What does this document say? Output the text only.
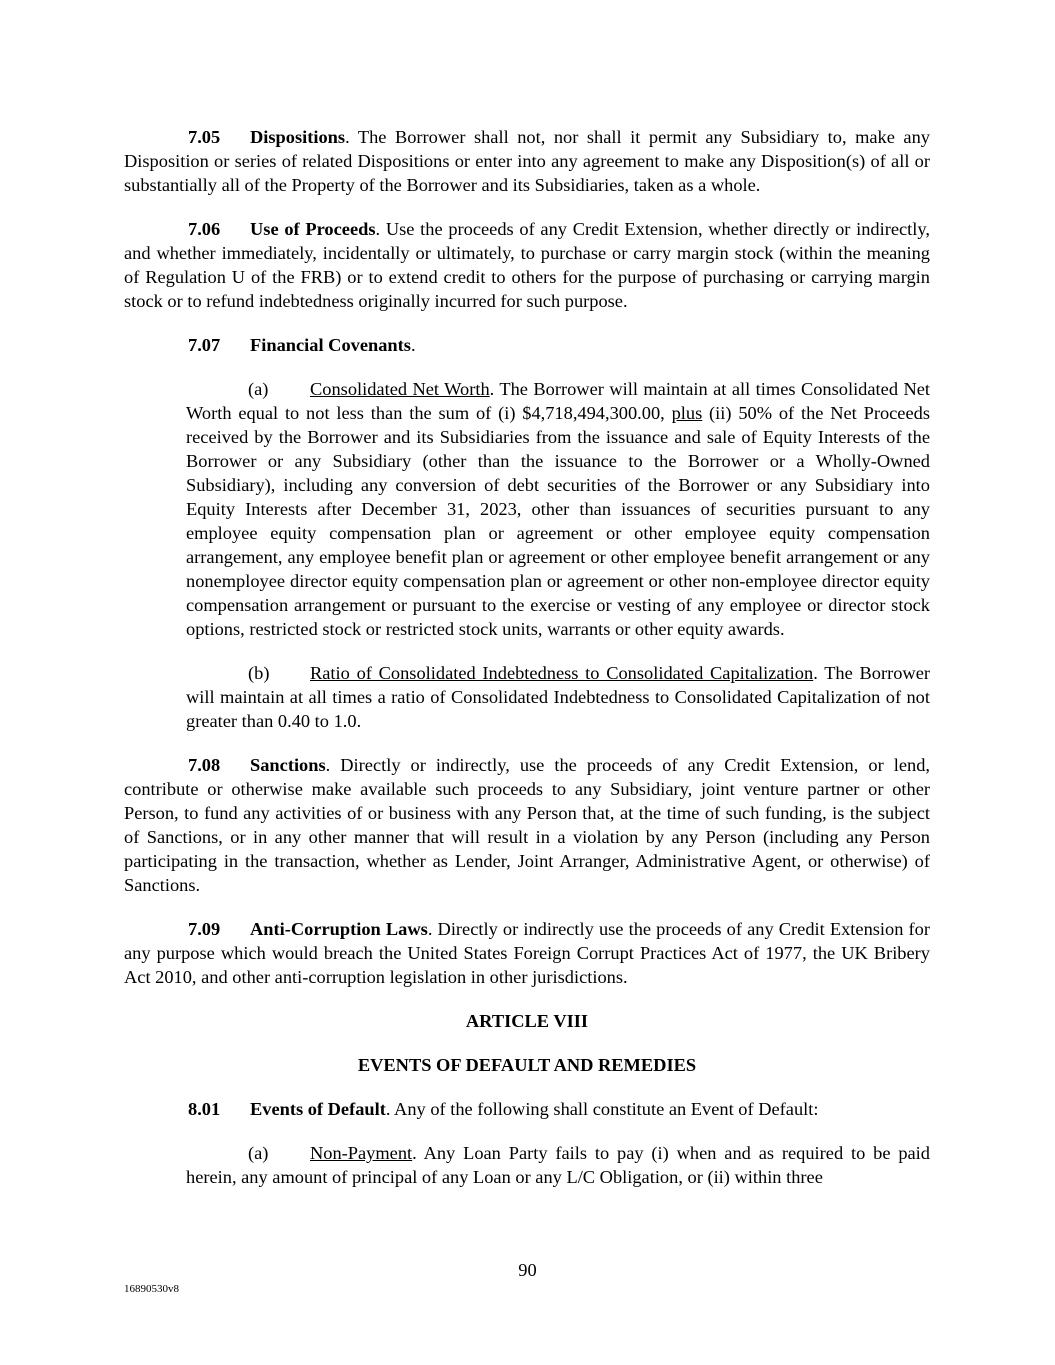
7.05 Dispositions. The Borrower shall not, nor shall it permit any Subsidiary to, make any Disposition or series of related Dispositions or enter into any agreement to make any Disposition(s) of all or substantially all of the Property of the Borrower and its Subsidiaries, taken as a whole.

7.06 Use of Proceeds. Use the proceeds of any Credit Extension, whether directly or indirectly, and whether immediately, incidentally or ultimately, to purchase or carry margin stock (within the meaning of Regulation U of the FRB) or to extend credit to others for the purpose of purchasing or carrying margin stock or to refund indebtedness originally incurred for such purpose.

7.07 Financial Covenants.

(a) Consolidated Net Worth. The Borrower will maintain at all times Consolidated Net Worth equal to not less than the sum of (i) $4,718,494,300.00, plus (ii) 50% of the Net Proceeds received by the Borrower and its Subsidiaries from the issuance and sale of Equity Interests of the Borrower or any Subsidiary (other than the issuance to the Borrower or a Wholly-Owned Subsidiary), including any conversion of debt securities of the Borrower or any Subsidiary into Equity Interests after December 31, 2023, other than issuances of securities pursuant to any employee equity compensation plan or agreement or other employee equity compensation arrangement, any employee benefit plan or agreement or other employee benefit arrangement or any nonemployee director equity compensation plan or agreement or other non-employee director equity compensation arrangement or pursuant to the exercise or vesting of any employee or director stock options, restricted stock or restricted stock units, warrants or other equity awards.

(b) Ratio of Consolidated Indebtedness to Consolidated Capitalization. The Borrower will maintain at all times a ratio of Consolidated Indebtedness to Consolidated Capitalization of not greater than 0.40 to 1.0.

7.08 Sanctions. Directly or indirectly, use the proceeds of any Credit Extension, or lend, contribute or otherwise make available such proceeds to any Subsidiary, joint venture partner or other Person, to fund any activities of or business with any Person that, at the time of such funding, is the subject of Sanctions, or in any other manner that will result in a violation by any Person (including any Person participating in the transaction, whether as Lender, Joint Arranger, Administrative Agent, or otherwise) of Sanctions.

7.09 Anti-Corruption Laws. Directly or indirectly use the proceeds of any Credit Extension for any purpose which would breach the United States Foreign Corrupt Practices Act of 1977, the UK Bribery Act 2010, and other anti-corruption legislation in other jurisdictions.

ARTICLE VIII

EVENTS OF DEFAULT AND REMEDIES

8.01 Events of Default. Any of the following shall constitute an Event of Default:

(a) Non-Payment. Any Loan Party fails to pay (i) when and as required to be paid herein, any amount of principal of any Loan or any L/C Obligation, or (ii) within three

90
16890530v8
